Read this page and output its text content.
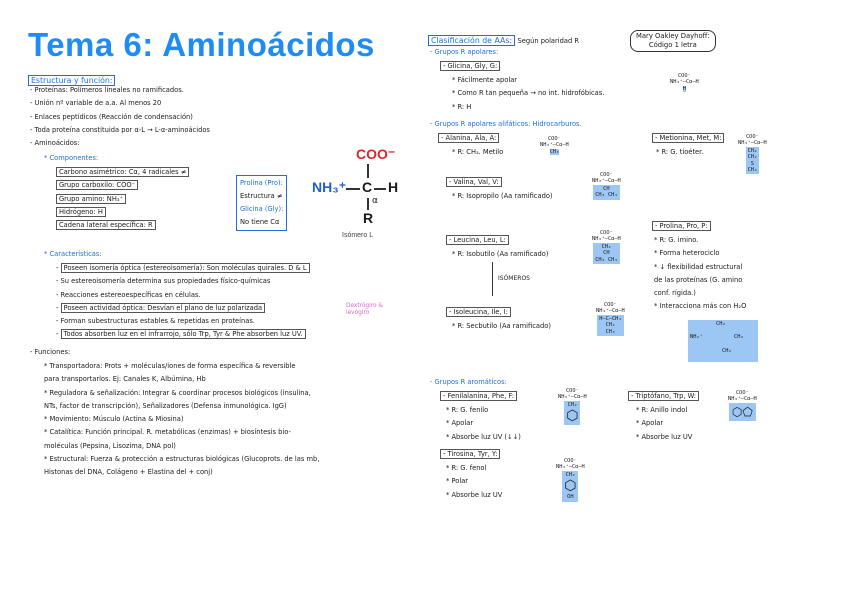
Tema 6: Aminoácidos
Estructura y función:
- Proteínas: Polímeros lineales no ramificados.
- Unión nº variable de a.a. Al menos 20
- Enlaces peptídicos (Reacción de condensación)
- Toda proteína constituida por α-L → L-α-aminoácidos
- Aminoácidos:
* Componentes:
Carbono asimétrico: Cα, 4 radicales ≠
Grupo carboxilo: COO⁻
Grupo amino: NH₃⁺
Hidrógeno: H
Cadena lateral específica: R
Prolina (Pro):
Estructura ≠
Glicina (Gly):
No tiene Cα
COO⁻
NH₃⁺ C H
α
R
Isómero L
* Características:
- Poseen isomería óptica (estereoisomería): Son moléculas quirales. D & L
- Su estereoisomería determina sus propiedades físico-químicas
- Reacciones estereoespecíficas en células.
- Poseen actividad óptica: Desvían el plano de luz polarizada
- Forman subestructuras estables & repetidas en proteínas.
- Todos absorben luz en el infrarrojo, sólo Trp, Tyr & Phe absorben luz UV.
Dextrógiro &
levógiro
- Funciones:
* Transportadora: Prots + moléculas/iones de forma específica & reversible
para transportarlos. Ej: Canales K, Albúmina, Hb
* Reguladora & señalización: Integrar & coordinar procesos biológicos (insulina,
NTs, factor de transcripción), Señalizadores (Defensa inmunológica. IgG)
* Movimiento: Músculo (Actina & Miosina)
* Catalítica: Función principal. R. metabólicas (enzimas) + biosíntesis bio-
moléculas (Pepsina, Lisozima, DNA pol)
* Estructural: Fuerza & protección a estructuras biológicas (Glucoprots. de las mb,
Histonas del DNA, Colágeno + Elastina del + conj)
Clasificación de AAs: Según polaridad R
Mary Oakley Dayhoff:
Código 1 letra
- Grupos R apolares:
- Glicina, Gly, G:
* Fácilmente apolar
* Como R tan pequeña → no int. hidrofóbicas.
* R: H
COO⁻
NH₃⁺—Cα—H
H
- Grupos R apolares alifáticos: Hidrocarburos.
- Alanina, Ala, A:
* R: CH₃. Metilo
COO⁻
NH₃⁺—Cα—H
CH₃
- Metionina, Met, M:
* R: G. tioéter.
COO⁻
NH₃⁺—Cα—H
CH₂
CH₂
S
CH₃
- Valina, Val, V:
* R: Isopropilo (Aa ramificado)
COO⁻
NH₃⁺—Cα—H
CH
CH₃ CH₃
- Leucina, Leu, L:
* R: Isobutilo (Aa ramificado)
COO⁻
NH₃⁺—Cα—H
CH₂
CH
CH₃ CH₃
ISÓMEROS
- Isoleucina, Ile, I:
* R: Secbutilo (Aa ramificado)
COO⁻
NH₃⁺—Cα—H
H—C—CH₃
CH₂
CH₃
- Prolina, Pro, P:
* R: G. imino.
* Forma heterociclo
* ↓ flexibilidad estructural
de las proteínas (G. amino
conf. rígida.)
* Interacciona más con H₂O
CH₂
CH₂
CH₂
NH₂⁺
- Grupos R aromáticos:
- Fenilalanina, Phe, F:
* R: G. fenilo
* Apolar
* Absorbe luz UV (↓↓)
COO⁻
NH₃⁺—Cα—H
CH₂
⬡
- Triptófano, Trp, W:
* R: Anillo indol
* Apolar
* Absorbe luz UV
COO⁻
NH₃⁺—Cα—H
⬡⬠
- Tirosina, Tyr, Y:
* R: G. fenol
* Polar
* Absorbe luz UV
COO⁻
NH₃⁺—Cα—H
CH₂
⬡
OH
